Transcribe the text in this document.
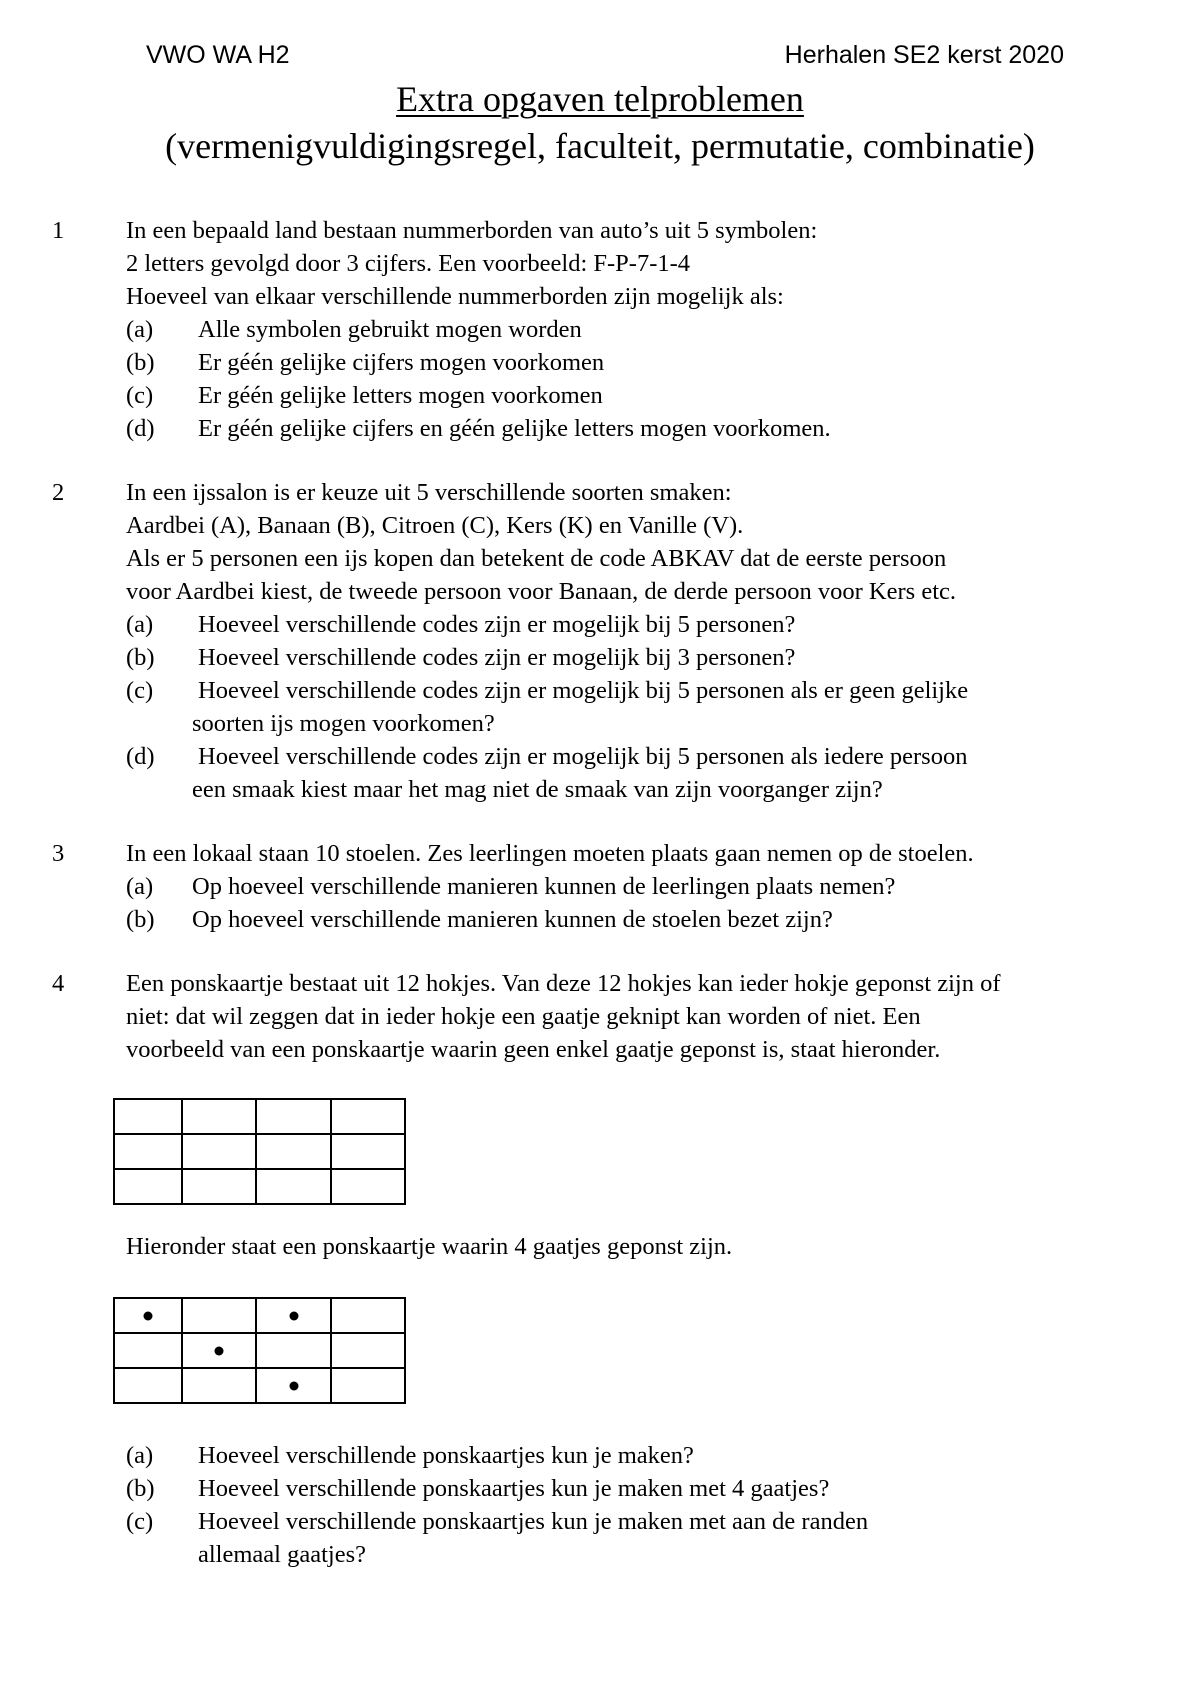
VWO WA H2	Herhalen SE2 kerst 2020
Extra opgaven telproblemen
(vermenigvuldigingsregel, faculteit, permutatie, combinatie)
1	In een bepaald land bestaan nummerborden van auto’s uit 5 symbolen:
2 letters gevolgd door 3 cijfers. Een voorbeeld: F-P-7-1-4
Hoeveel van elkaar verschillende nummerborden zijn mogelijk als:
(a) Alle symbolen gebruikt mogen worden
(b) Er géén gelijke cijfers mogen voorkomen
(c) Er géén gelijke letters mogen voorkomen
(d) Er géén gelijke cijfers en géén gelijke letters mogen voorkomen.
2	In een ijssalon is er keuze uit 5 verschillende soorten smaken:
Aardbei (A), Banaan (B), Citroen (C), Kers (K) en Vanille (V).
Als er 5 personen een ijs kopen dan betekent de code ABKAV dat de eerste persoon
voor Aardbei kiest, de tweede persoon voor Banaan, de derde persoon voor Kers etc.
(a) Hoeveel verschillende codes zijn er mogelijk bij 5 personen?
(b) Hoeveel verschillende codes zijn er mogelijk bij 3 personen?
(c) Hoeveel verschillende codes zijn er mogelijk bij 5 personen als er geen gelijke
soorten ijs mogen voorkomen?
(d) Hoeveel verschillende codes zijn er mogelijk bij 5 personen als iedere persoon
een smaak kiest maar het mag niet de smaak van zijn voorganger zijn?
3	In een lokaal staan 10 stoelen. Zes leerlingen moeten plaats gaan nemen op de stoelen.
(a) Op hoeveel verschillende manieren kunnen de leerlingen plaats nemen?
(b) Op hoeveel verschillende manieren kunnen de stoelen bezet zijn?
4	Een ponskaartje bestaat uit 12 hokjes. Van deze 12 hokjes kan ieder hokje geponst zijn of
niet: dat wil zeggen dat in ieder hokje een gaatje geknipt kan worden of niet. Een
voorbeeld van een ponskaartje waarin geen enkel gaatje geponst is, staat hieronder.

Hieronder staat een ponskaartje waarin 4 gaatjes geponst zijn.

(a) Hoeveel verschillende ponskaartjes kun je maken?
(b) Hoeveel verschillende ponskaartjes kun je maken met 4 gaatjes?
(c) Hoeveel verschillende ponskaartjes kun je maken met aan de randen
allemaal gaatjes?
